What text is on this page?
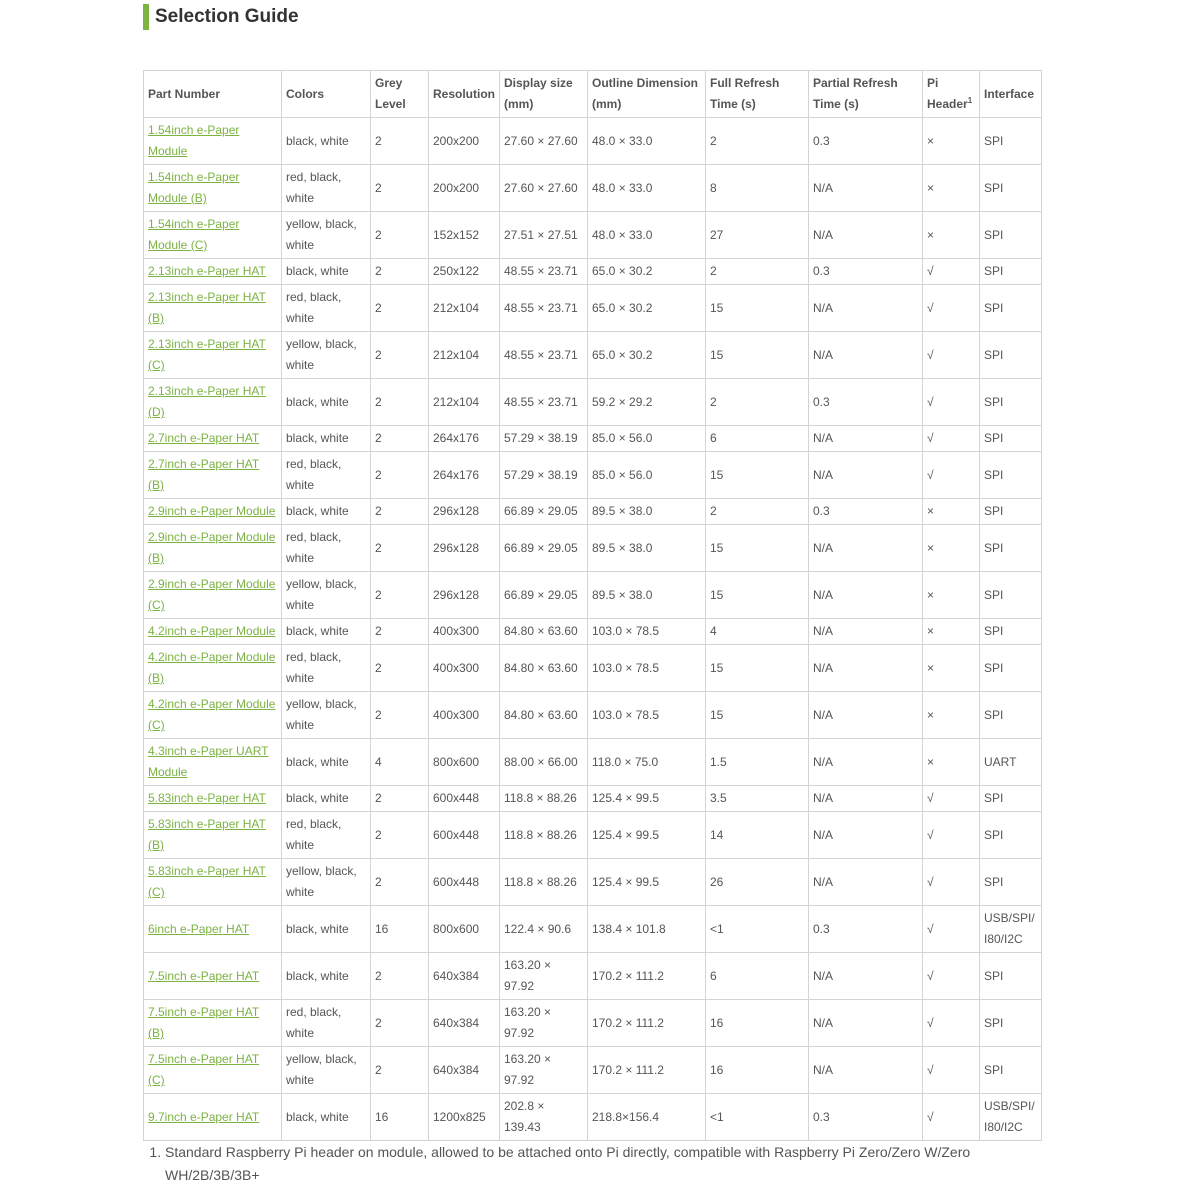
Selection Guide
Part Number	Colors	Grey Level	Resolution	Display size (mm)	Outline Dimension (mm)	Full Refresh Time (s)	Partial Refresh Time (s)	Pi Header$^1$	Interface
1.54inch e-Paper Module	black, white	2	200x200	27.60 × 27.60	48.0 × 33.0	2	0.3	×	SPI
1.54inch e-Paper Module (B)	red, black, white	2	200x200	27.60 × 27.60	48.0 × 33.0	8	N/A	×	SPI
1.54inch e-Paper Module (C)	yellow, black, white	2	152x152	27.51 × 27.51	48.0 × 33.0	27	N/A	×	SPI
2.13inch e-Paper HAT	black, white	2	250x122	48.55 × 23.71	65.0 × 30.2	2	0.3	√	SPI
2.13inch e-Paper HAT (B)	red, black, white	2	212x104	48.55 × 23.71	65.0 × 30.2	15	N/A	√	SPI
2.13inch e-Paper HAT (C)	yellow, black, white	2	212x104	48.55 × 23.71	65.0 × 30.2	15	N/A	√	SPI
2.13inch e-Paper HAT (D)	black, white	2	212x104	48.55 × 23.71	59.2 × 29.2	2	0.3	√	SPI
2.7inch e-Paper HAT	black, white	2	264x176	57.29 × 38.19	85.0 × 56.0	6	N/A	√	SPI
2.7inch e-Paper HAT (B)	red, black, white	2	264x176	57.29 × 38.19	85.0 × 56.0	15	N/A	√	SPI
2.9inch e-Paper Module	black, white	2	296x128	66.89 × 29.05	89.5 × 38.0	2	0.3	×	SPI
2.9inch e-Paper Module (B)	red, black, white	2	296x128	66.89 × 29.05	89.5 × 38.0	15	N/A	×	SPI
2.9inch e-Paper Module (C)	yellow, black, white	2	296x128	66.89 × 29.05	89.5 × 38.0	15	N/A	×	SPI
4.2inch e-Paper Module	black, white	2	400x300	84.80 × 63.60	103.0 × 78.5	4	N/A	×	SPI
4.2inch e-Paper Module (B)	red, black, white	2	400x300	84.80 × 63.60	103.0 × 78.5	15	N/A	×	SPI
4.2inch e-Paper Module (C)	yellow, black, white	2	400x300	84.80 × 63.60	103.0 × 78.5	15	N/A	×	SPI
4.3inch e-Paper UART Module	black, white	4	800x600	88.00 × 66.00	118.0 × 75.0	1.5	N/A	×	UART
5.83inch e-Paper HAT	black, white	2	600x448	118.8 × 88.26	125.4 × 99.5	3.5	N/A	√	SPI
5.83inch e-Paper HAT (B)	red, black, white	2	600x448	118.8 × 88.26	125.4 × 99.5	14	N/A	√	SPI
5.83inch e-Paper HAT (C)	yellow, black, white	2	600x448	118.8 × 88.26	125.4 × 99.5	26	N/A	√	SPI
6inch e-Paper HAT	black, white	16	800x600	122.4 × 90.6	138.4 × 101.8	<1	0.3	√	USB/SPI/ I80/I2C
7.5inch e-Paper HAT	black, white	2	640x384	163.20 × 97.92	170.2 × 111.2	6	N/A	√	SPI
7.5inch e-Paper HAT (B)	red, black, white	2	640x384	163.20 × 97.92	170.2 × 111.2	16	N/A	√	SPI
7.5inch e-Paper HAT (C)	yellow, black, white	2	640x384	163.20 × 97.92	170.2 × 111.2	16	N/A	√	SPI
9.7inch e-Paper HAT	black, white	16	1200x825	202.8 × 139.43	218.8×156.4	<1	0.3	√	USB/SPI/ I80/I2C
1. Standard Raspberry Pi header on module, allowed to be attached onto Pi directly, compatible with Raspberry Pi Zero/Zero W/Zero WH/2B/3B/3B+
